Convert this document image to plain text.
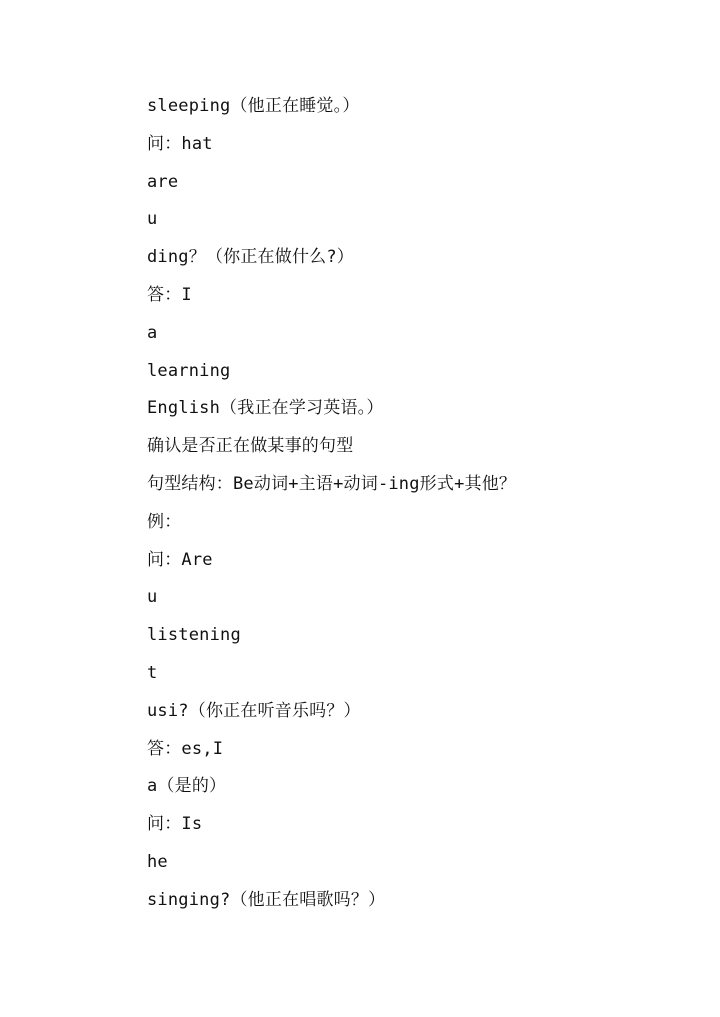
sleeping（他正在睡觉。）
问：hat
are
u
ding？（你正在做什么?）
答：I
a
learning
English（我正在学习英语。）
确认是否正在做某事的句型
句型结构：Be动词+主语+动词-ing形式+其他？
例：
问：Are
u
listening
t
usi?（你正在听音乐吗？）
答：es,I
a（是的）
问：Is
he
singing?（他正在唱歌吗？）
